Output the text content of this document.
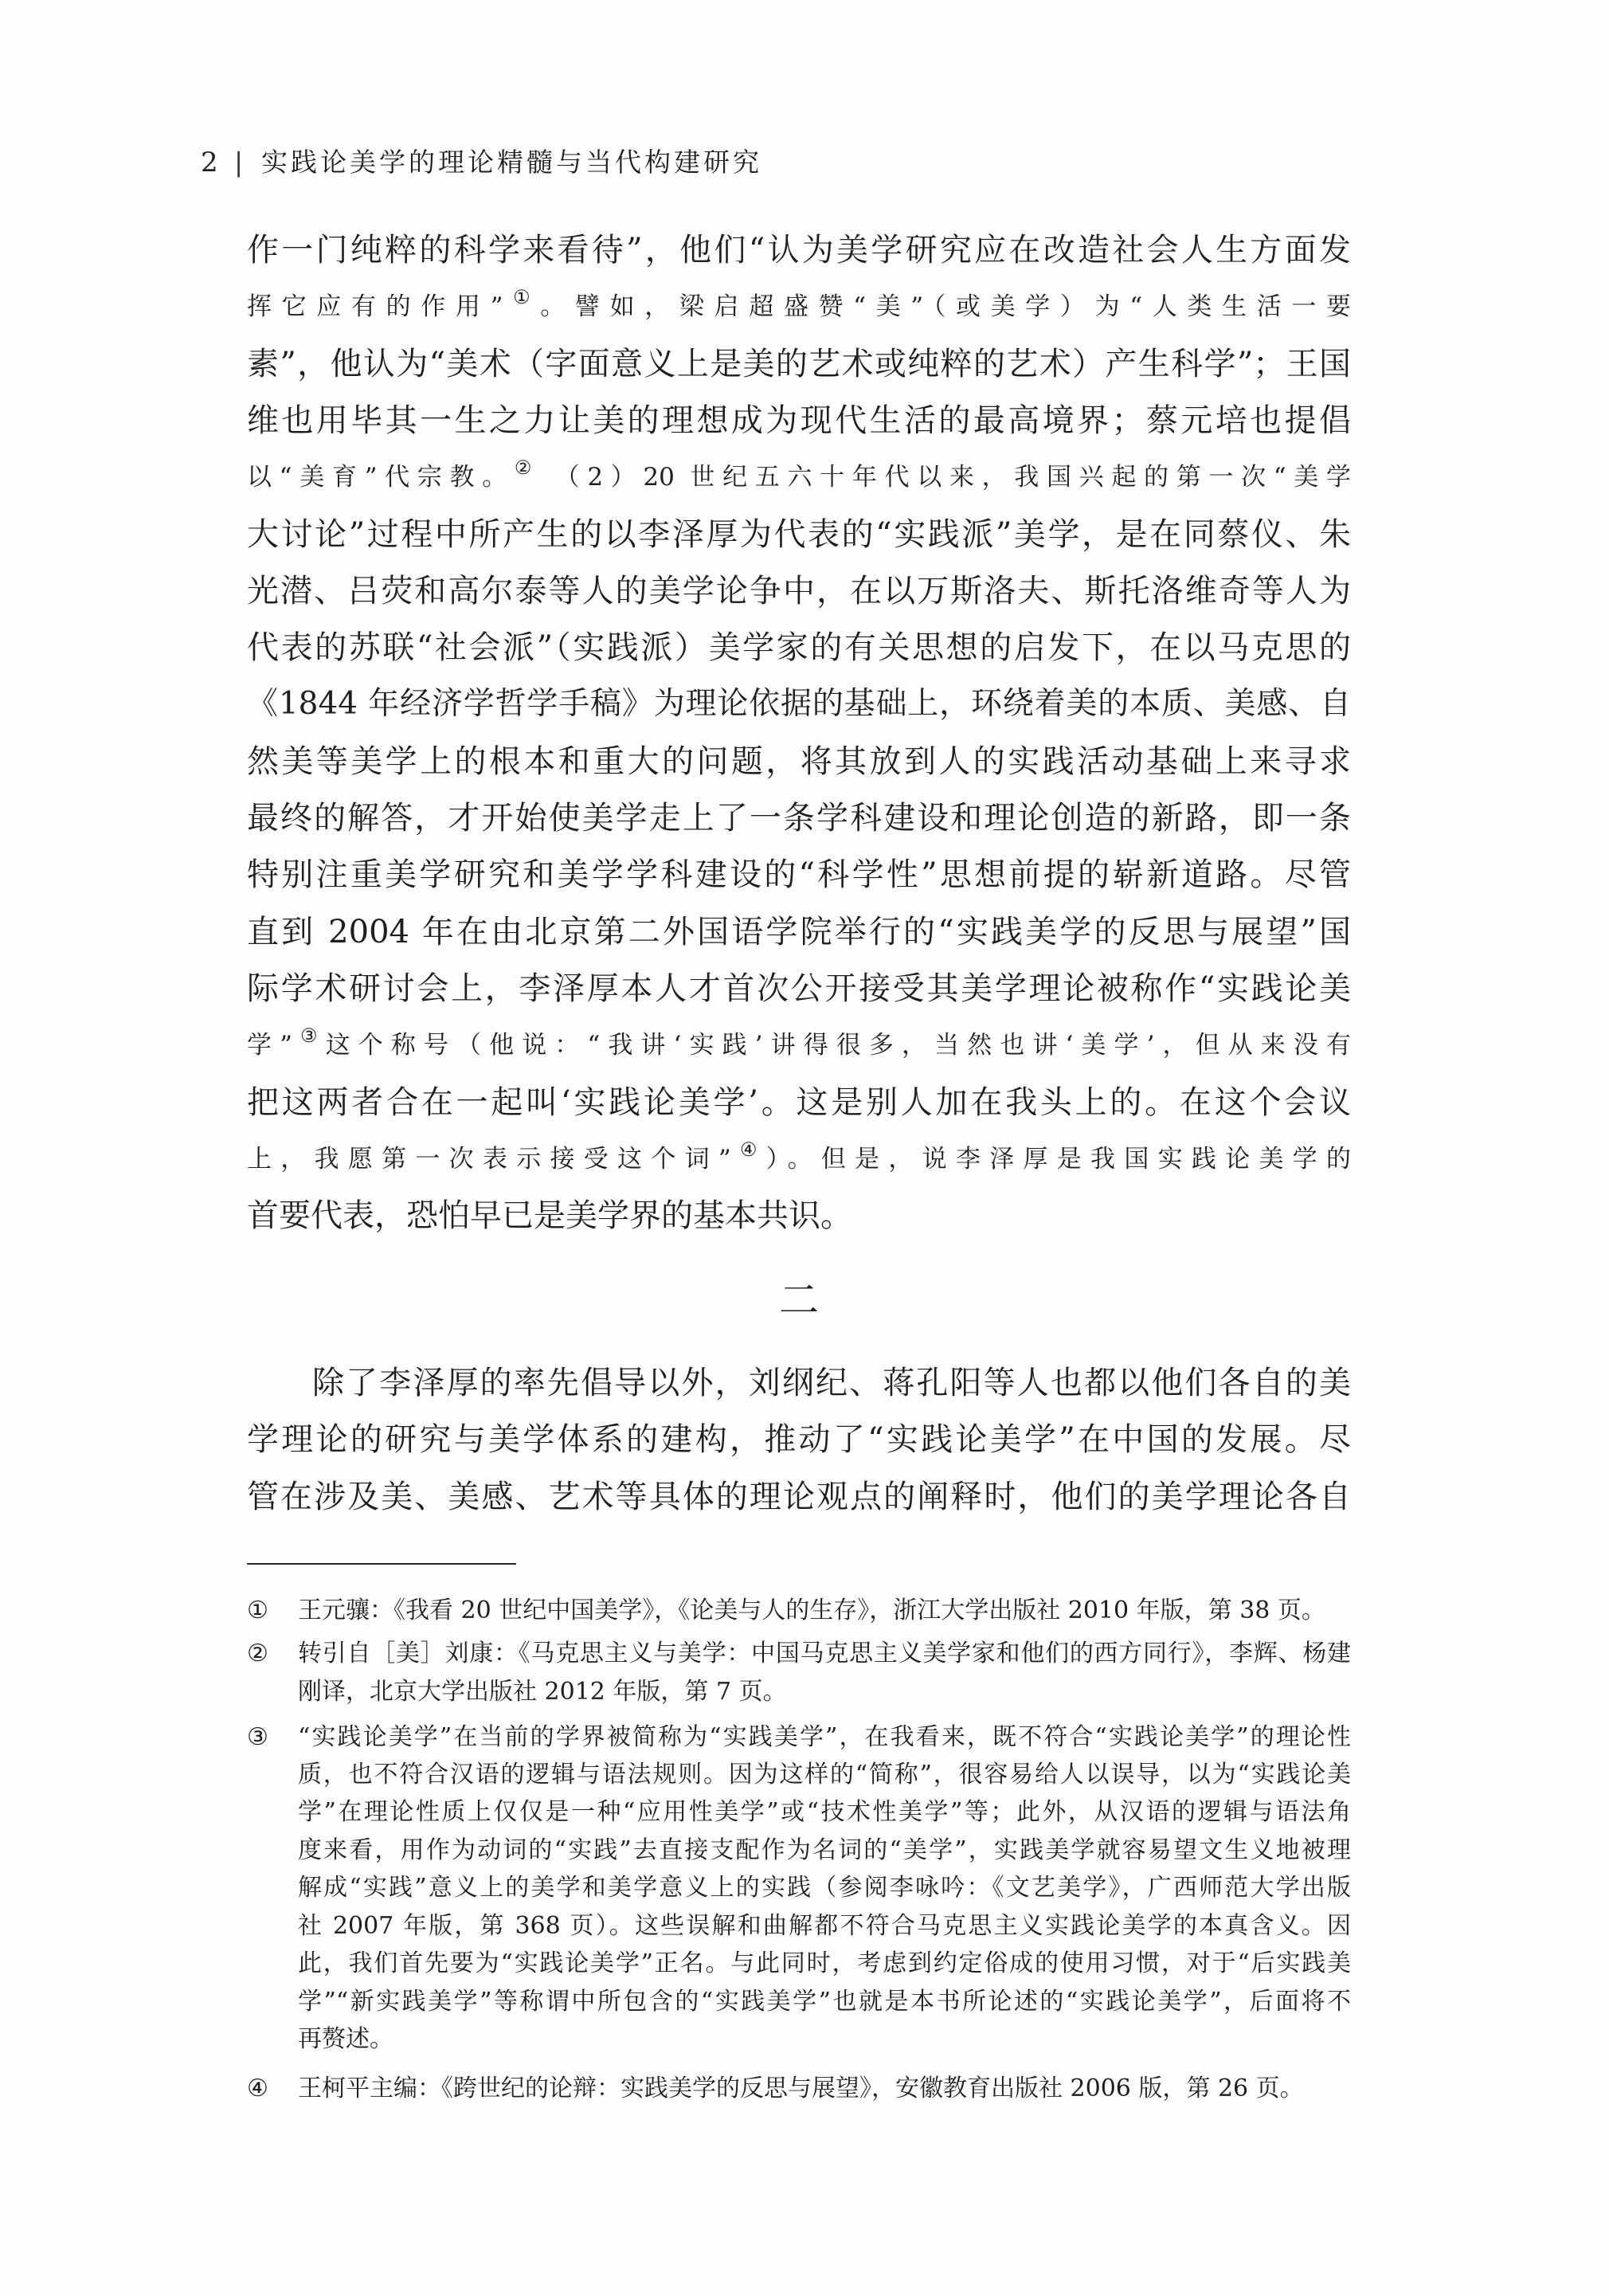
2 | 实践论美学的理论精髓与当代构建研究
作一门纯粹的科学来看待”，他们“认为美学研究应在改造社会人生方面发
挥它应有的作用”①。譬如，梁启超盛赞“美”（或美学）为“人类生活一要
素”，他认为“美术（字面意义上是美的艺术或纯粹的艺术）产生科学”；王国
维也用毕其一生之力让美的理想成为现代生活的最高境界；蔡元培也提倡
以“美育”代宗教。② （2）20 世纪五六十年代以来，我国兴起的第一次“美学
大讨论”过程中所产生的以李泽厚为代表的“实践派”美学，是在同蔡仪、朱
光潜、吕荧和高尔泰等人的美学论争中，在以万斯洛夫、斯托洛维奇等人为
代表的苏联“社会派”（实践派）美学家的有关思想的启发下，在以马克思的
《1844 年经济学哲学手稿》为理论依据的基础上，环绕着美的本质、美感、自
然美等美学上的根本和重大的问题，将其放到人的实践活动基础上来寻求
最终的解答，才开始使美学走上了一条学科建设和理论创造的新路，即一条
特别注重美学研究和美学学科建设的“科学性”思想前提的崭新道路。尽管
直到 2004 年在由北京第二外国语学院举行的“实践美学的反思与展望”国
际学术研讨会上，李泽厚本人才首次公开接受其美学理论被称作“实践论美
学”③这个称号（他说：“我讲‘实践’讲得很多，当然也讲‘美学’，但从来没有
把这两者合在一起叫‘实践论美学’。这是别人加在我头上的。在这个会议
上，我愿第一次表示接受这个词”④）。但是，说李泽厚是我国实践论美学的
首要代表，恐怕早已是美学界的基本共识。
二
除了李泽厚的率先倡导以外，刘纲纪、蒋孔阳等人也都以他们各自的美
学理论的研究与美学体系的建构，推动了“实践论美学”在中国的发展。尽
管在涉及美、美感、艺术等具体的理论观点的阐释时，他们的美学理论各自
①	王元骧：《我看 20 世纪中国美学》，《论美与人的生存》，浙江大学出版社 2010 年版，第 38 页。
②	转引自［美］刘康：《马克思主义与美学：中国马克思主义美学家和他们的西方同行》，李辉、杨建
刚译，北京大学出版社 2012 年版，第 7 页。
③	“实践论美学”在当前的学界被简称为“实践美学”，在我看来，既不符合“实践论美学”的理论性
质，也不符合汉语的逻辑与语法规则。因为这样的“简称”，很容易给人以误导，以为“实践论美
学”在理论性质上仅仅是一种“应用性美学”或“技术性美学”等；此外，从汉语的逻辑与语法角
度来看，用作为动词的“实践”去直接支配作为名词的“美学”，实践美学就容易望文生义地被理
解成“实践”意义上的美学和美学意义上的实践（参阅李咏吟：《文艺美学》，广西师范大学出版
社 2007 年版，第 368 页）。这些误解和曲解都不符合马克思主义实践论美学的本真含义。因
此，我们首先要为“实践论美学”正名。与此同时，考虑到约定俗成的使用习惯，对于“后实践美
学”“新实践美学”等称谓中所包含的“实践美学”也就是本书所论述的“实践论美学”，后面将不
再赘述。
④	王柯平主编：《跨世纪的论辩：实践美学的反思与展望》，安徽教育出版社 2006 版，第 26 页。
